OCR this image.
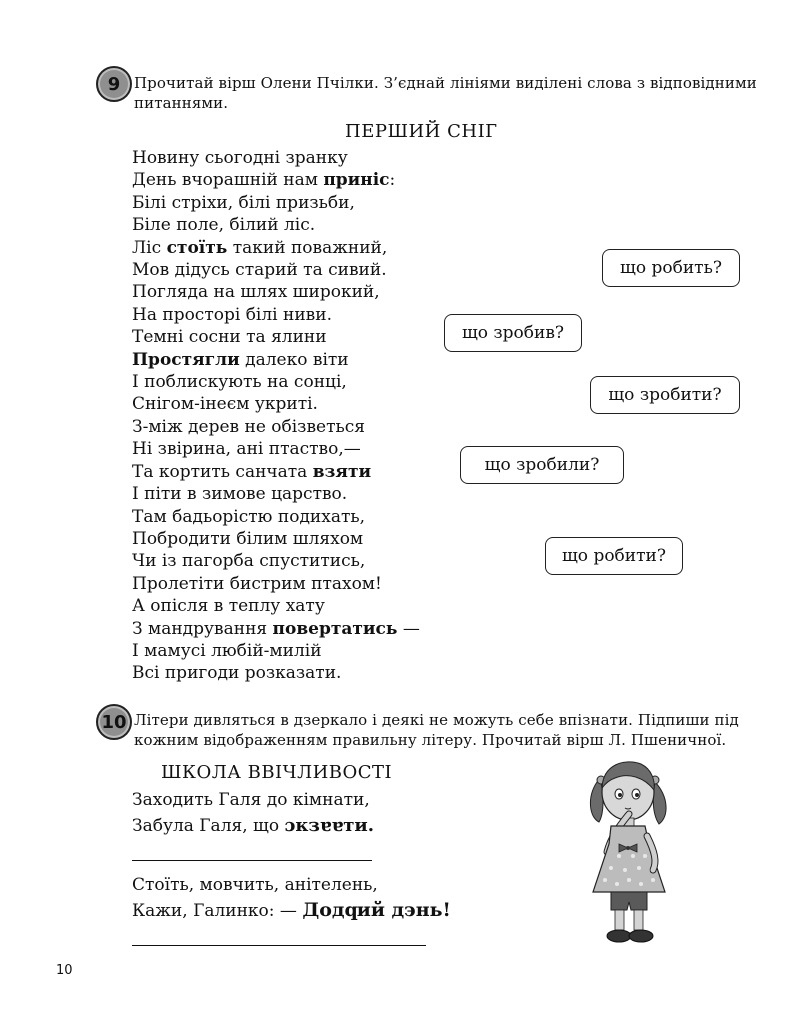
9 Прочитай вірш Олени Пчілки. З’єднай лініями виділені слова з відповідними
питаннями.
ПЕРШИЙ СНІГ
Новину сьогодні зранку
День вчорашній нам приніс:
Білі стріхи, білі призьби,
Біле поле, білий ліс.
Ліс стоїть такий поважний,
Мов дідусь старий та сивий.
Погляда на шлях широкий,
На просторі білі ниви.
Темні сосни та ялини
Простягли далеко віти
І поблискують на сонці,
Снігом-інеєм укриті.
З-між дерев не обізветься
Ні звірина, ані птаство,—
Та кортить санчата взяти
І піти в зимове царство.
Там бадьорістю подихать,
Побродити білим шляхом
Чи із пагорба спуститись,
Пролетіти бистрим птахом!
А опісля в теплу хату
З мандрування повертатись —
І мамусі любій-милій
Всі пригоди розказати.
що робить?
що зробив?
що зробити?
що зробили?
що робити?
10 Літери дивляться в дзеркало і деякі не можуть себе впізнати. Підпиши під
кожним відображенням правильну літеру. Прочитай вірш Л. Пшеничної.
ШКОЛА ВВІЧЛИВОСТІ
Заходить Галя до кімнати,
Забула Галя, що ɔкзɐɐти.
Стоїть, мовчить, анітелень,
Кажи, Галинко: — Додԛий дэнь!
10
